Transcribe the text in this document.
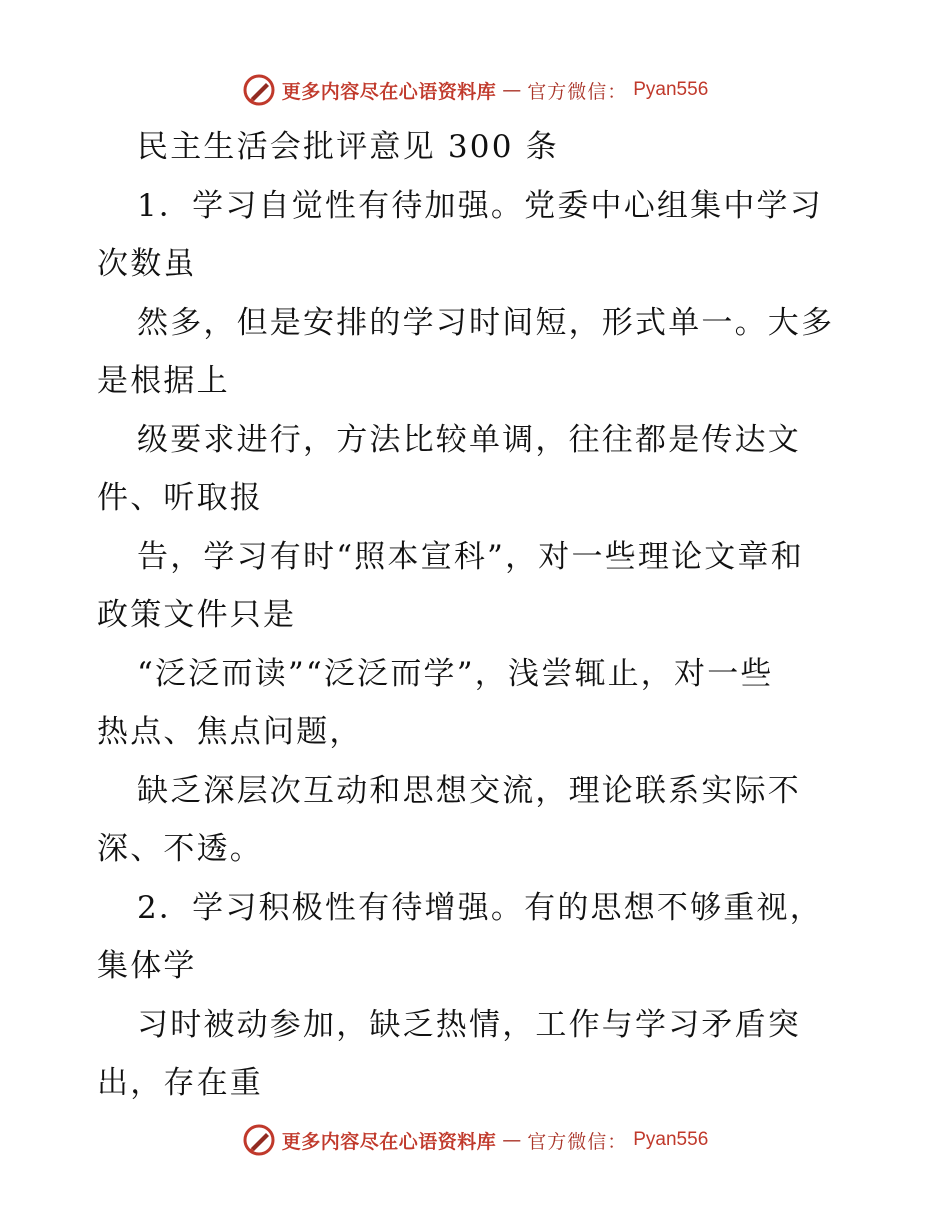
更多内容尽在心语资料库 — 官方微信： Pyan556
民主生活会批评意见 300 条
1．学习自觉性有待加强。党委中心组集中学习
次数虽
然多，但是安排的学习时间短，形式单一。大多
是根据上
级要求进行，方法比较单调，往往都是传达文
件、听取报
告，学习有时“照本宣科”，对一些理论文章和
政策文件只是
“泛泛而读”“泛泛而学”，浅尝辄止，对一些
热点、焦点问题，
缺乏深层次互动和思想交流，理论联系实际不
深、不透。
2．学习积极性有待增强。有的思想不够重视，
集体学
习时被动参加，缺乏热情，工作与学习矛盾突
出，存在重
更多内容尽在心语资料库 — 官方微信： Pyan556
